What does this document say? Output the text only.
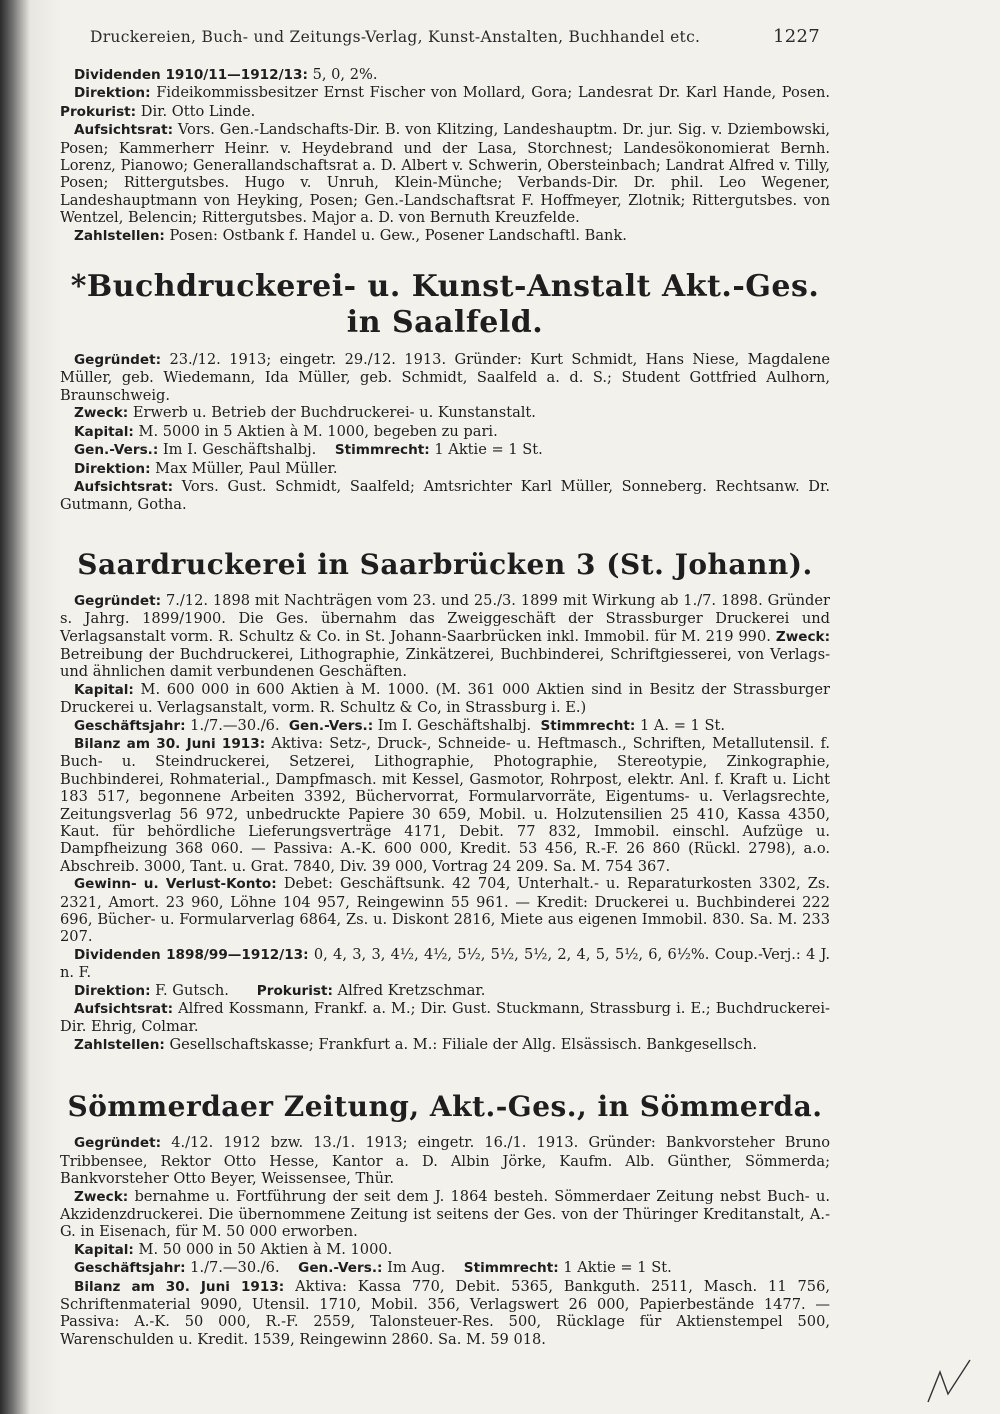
Druckereien, Buch- und Zeitungs-Verlag, Kunst-Anstalten, Buchhandel etc.	1227

Dividenden 1910/11—1912/13: 5, 0, 2%.

Direktion: Fideikommissbesitzer Ernst Fischer von Mollard, Gora; Landesrat Dr. Karl Hande, Posen. Prokurist: Dir. Otto Linde.

Aufsichtsrat: Vors. Gen.-Landschafts-Dir. B. von Klitzing, Landeshauptm. Dr. jur. Sig. v. Dziembowski, Posen; Kammerherr Heinr. v. Heydebrand und der Lasa, Storchnest; Landesökonomierat Bernh. Lorenz, Pianowo; Generallandschaftsrat a. D. Albert v. Schwerin, Obersteinbach; Landrat Alfred v. Tilly, Posen; Rittergutsbes. Hugo v. Unruh, Klein-Münche; Verbands-Dir. Dr. phil. Leo Wegener, Landeshauptmann von Heyking, Posen; Gen.-Landschaftsrat F. Hoffmeyer, Zlotnik; Rittergutsbes. von Wentzel, Belencin; Rittergutsbes. Major a. D. von Bernuth Kreuzfelde.

Zahlstellen: Posen: Ostbank f. Handel u. Gew., Posener Landschaftl. Bank.

*Buchdruckerei- u. Kunst-Anstalt Akt.-Ges. in Saalfeld.

Gegründet: 23./12. 1913; eingetr. 29./12. 1913. Gründer: Kurt Schmidt, Hans Niese, Magdalene Müller, geb. Wiedemann, Ida Müller, geb. Schmidt, Saalfeld a. d. S.; Student Gottfried Aulhorn, Braunschweig.

Zweck: Erwerb u. Betrieb der Buchdruckerei- u. Kunstanstalt.

Kapital: M. 5000 in 5 Aktien à M. 1000, begeben zu pari.

Gen.-Vers.: Im I. Geschäftshalbj. Stimmrecht: 1 Aktie = 1 St.

Direktion: Max Müller, Paul Müller.

Aufsichtsrat: Vors. Gust. Schmidt, Saalfeld; Amtsrichter Karl Müller, Sonneberg. Rechtsanw. Dr. Gutmann, Gotha.

Saardruckerei in Saarbrücken 3 (St. Johann).

Gegründet: 7./12. 1898 mit Nachträgen vom 23. und 25./3. 1899 mit Wirkung ab 1./7. 1898. Gründer s. Jahrg. 1899/1900. Die Ges. übernahm das Zweiggeschäft der Strassburger Druckerei und Verlagsanstalt vorm. R. Schultz & Co. in St. Johann-Saarbrücken inkl. Immobil. für M. 219 990. Zweck: Betreibung der Buchdruckerei, Lithographie, Zinkätzerei, Buchbinderei, Schriftgiesserei, von Verlags- und ähnlichen damit verbundenen Geschäften.

Kapital: M. 600 000 in 600 Aktien à M. 1000. (M. 361 000 Aktien sind in Besitz der Strassburger Druckerei u. Verlagsanstalt, vorm. R. Schultz & Co, in Strassburg i. E.)

Geschäftsjahr: 1./7.—30./6. Gen.-Vers.: Im I. Geschäftshalbj. Stimmrecht: 1 A. = 1 St.

Bilanz am 30. Juni 1913: Aktiva: Setz-, Druck-, Schneide- u. Heftmasch., Schriften, Metallutensil. f. Buch- u. Steindruckerei, Setzerei, Lithographie, Photographie, Stereotypie, Zinkographie, Buchbinderei, Rohmaterial., Dampfmasch. mit Kessel, Gasmotor, Rohrpost, elektr. Anl. f. Kraft u. Licht 183 517, begonnene Arbeiten 3392, Büchervorrat, Formularvorräte, Eigentums- u. Verlagsrechte, Zeitungsverlag 56 972, unbedruckte Papiere 30 659, Mobil. u. Holzutensilien 25 410, Kassa 4350, Kaut. für behördliche Lieferungsverträge 4171, Debit. 77 832, Immobil. einschl. Aufzüge u. Dampfheizung 368 060. — Passiva: A.-K. 600 000, Kredit. 53 456, R.-F. 26 860 (Rückl. 2798), a.o. Abschreib. 3000, Tant. u. Grat. 7840, Div. 39 000, Vortrag 24 209. Sa. M. 754 367.

Gewinn- u. Verlust-Konto: Debet: Geschäftsunk. 42 704, Unterhalt.- u. Reparaturkosten 3302, Zs. 2321, Amort. 23 960, Löhne 104 957, Reingewinn 55 961. — Kredit: Druckerei u. Buchbinderei 222 696, Bücher- u. Formularverlag 6864, Zs. u. Diskont 2816, Miete aus eigenen Immobil. 830. Sa. M. 233 207.

Dividenden 1898/99—1912/13: 0, 4, 3, 3, 4½, 4½, 5½, 5½, 5½, 2, 4, 5, 5½, 6, 6½%. Coup.-Verj.: 4 J. n. F.

Direktion: F. Gutsch. Prokurist: Alfred Kretzschmar.

Aufsichtsrat: Alfred Kossmann, Frankf. a. M.; Dir. Gust. Stuckmann, Strassburg i. E.; Buchdruckerei-Dir. Ehrig, Colmar.

Zahlstellen: Gesellschaftskasse; Frankfurt a. M.: Filiale der Allg. Elsässisch. Bankgesellsch.

Sömmerdaer Zeitung, Akt.-Ges., in Sömmerda.

Gegründet: 4./12. 1912 bzw. 13./1. 1913; eingetr. 16./1. 1913. Gründer: Bankvorsteher Bruno Tribbensee, Rektor Otto Hesse, Kantor a. D. Albin Jörke, Kaufm. Alb. Günther, Sömmerda; Bankvorsteher Otto Beyer, Weissensee, Thür.

Zweck: bernahme u. Fortführung der seit dem J. 1864 besteh. Sömmerdaer Zeitung nebst Buch- u. Akzidenzdruckerei. Die übernommene Zeitung ist seitens der Ges. von der Thüringer Kreditanstalt, A.-G. in Eisenach, für M. 50 000 erworben.

Kapital: M. 50 000 in 50 Aktien à M. 1000.

Geschäftsjahr: 1./7.—30./6. Gen.-Vers.: Im Aug. Stimmrecht: 1 Aktie = 1 St.

Bilanz am 30. Juni 1913: Aktiva: Kassa 770, Debit. 5365, Bankguth. 2511, Masch. 11 756, Schriftenmaterial 9090, Utensil. 1710, Mobil. 356, Verlagswert 26 000, Papierbestände 1477. — Passiva: A.-K. 50 000, R.-F. 2559, Talonsteuer-Res. 500, Rücklage für Aktienstempel 500, Warenschulden u. Kredit. 1539, Reingewinn 2860. Sa. M. 59 018.
